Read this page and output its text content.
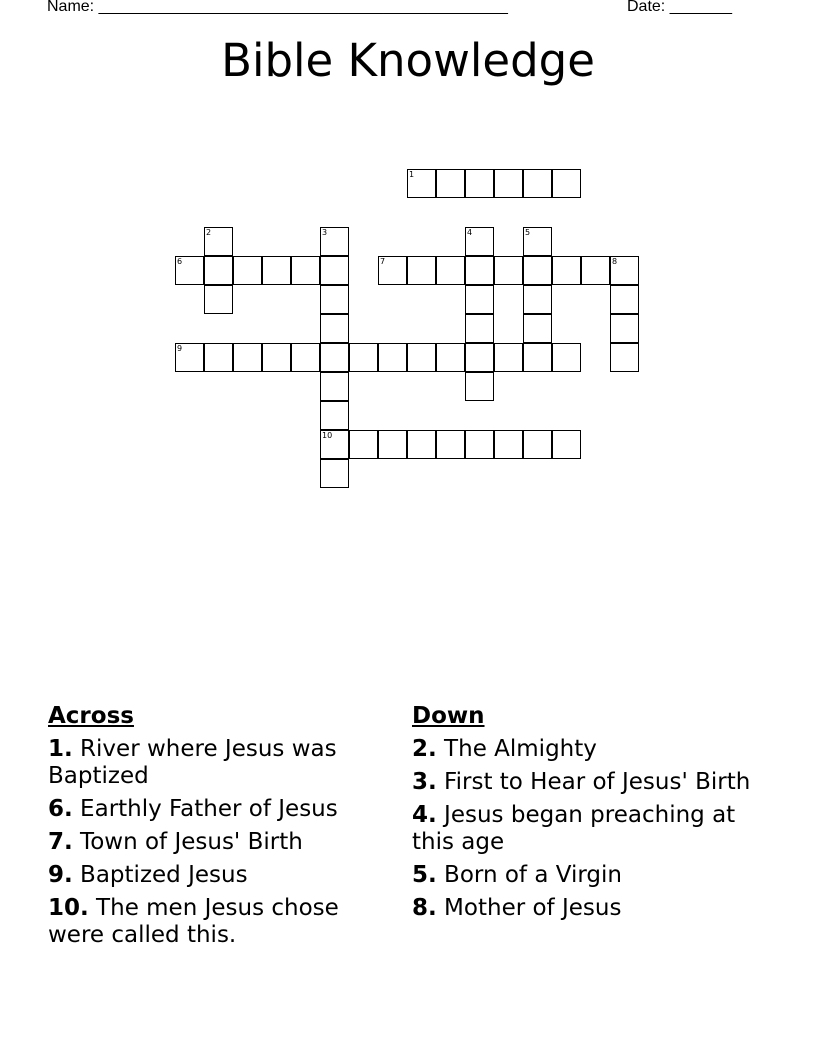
Name: ______________________________________________	Date: _______
Bible Knowledge
1
2	3
10
4	5
6	7	8
9
Across
1. River where Jesus was Baptized
6. Earthly Father of Jesus
7. Town of Jesus' Birth
9. Baptized Jesus
10. The men Jesus chose were called this.
Down
2. The Almighty
3. First to Hear of Jesus' Birth
4. Jesus began preaching at this age
5. Born of a Virgin
8. Mother of Jesus
